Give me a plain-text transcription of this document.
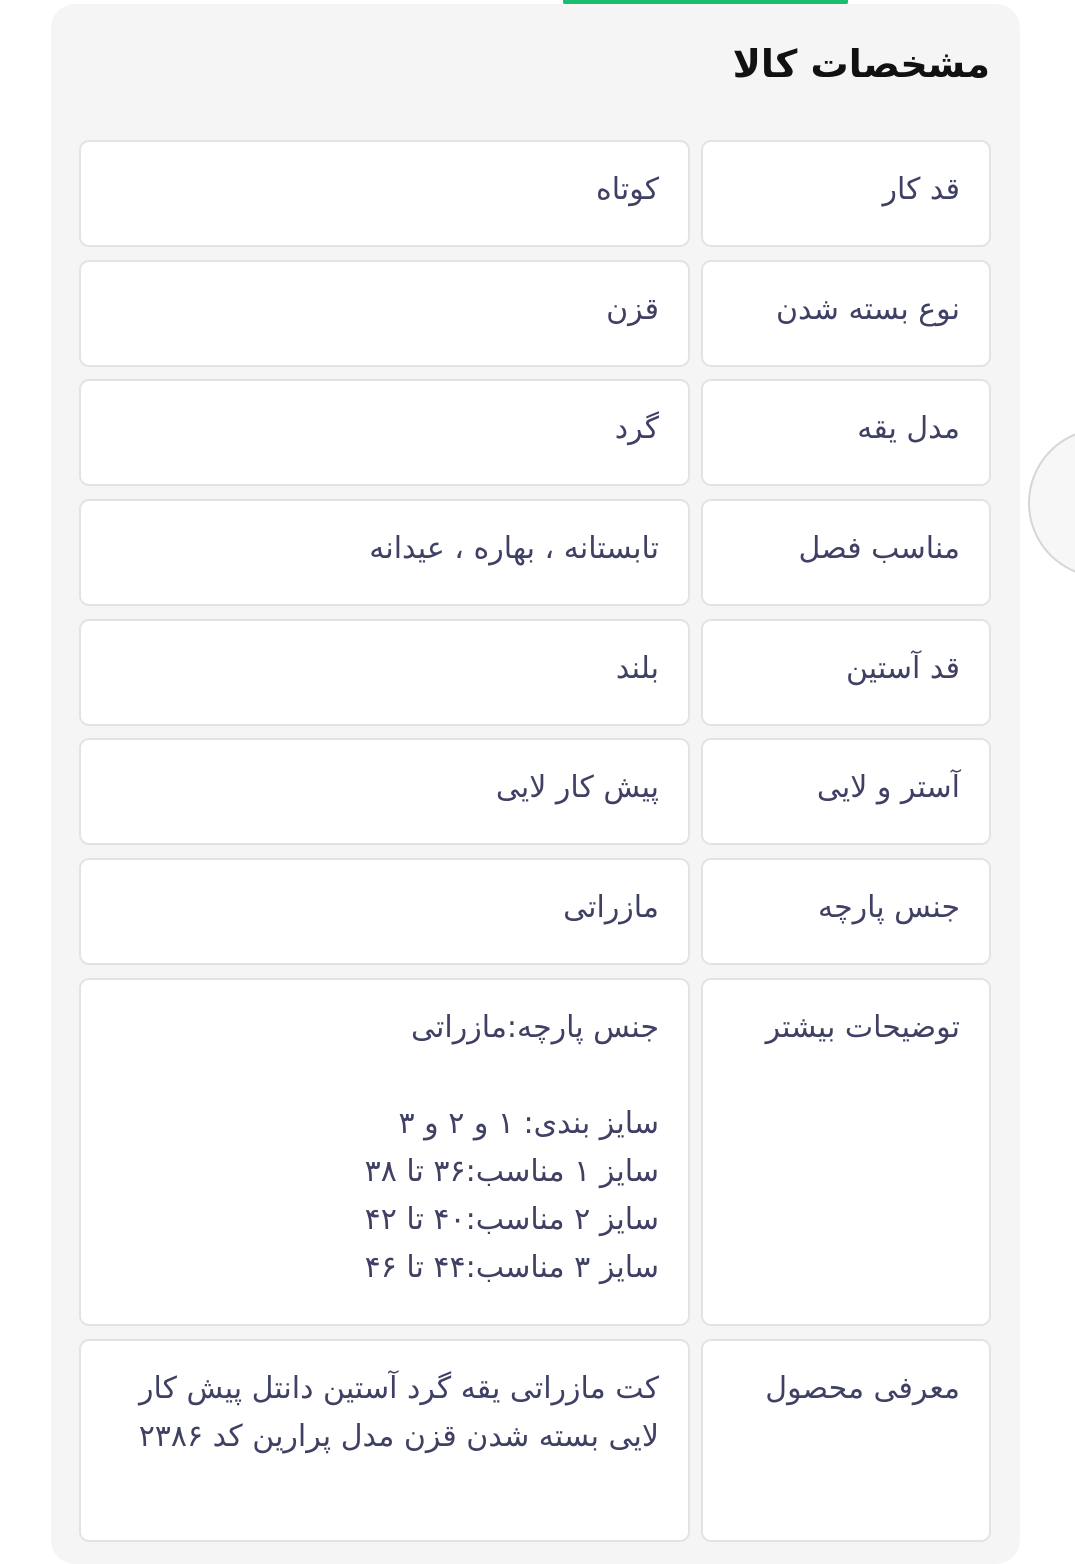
مشخصات کالا
قد کار
کوتاه
نوع بسته شدن
قزن
مدل یقه
گرد
مناسب فصل
تابستانه ، بهاره ، عیدانه
قد آستین
بلند
آستر و لایی
پیش کار لایی
جنس پارچه
مازراتی
توضیحات بیشتر
جنس پارچه:مازراتی

سایز بندی: ۱ و ۲ و ۳
سایز ۱ مناسب:۳۶ تا ۳۸
سایز ۲ مناسب:۴۰ تا ۴۲
سایز ۳ مناسب:۴۴ تا ۴۶
معرفی محصول
کت مازراتی یقه گرد آستین دانتل پیش کار لایی بسته شدن قزن مدل پرارین کد ۲۳۸۶
